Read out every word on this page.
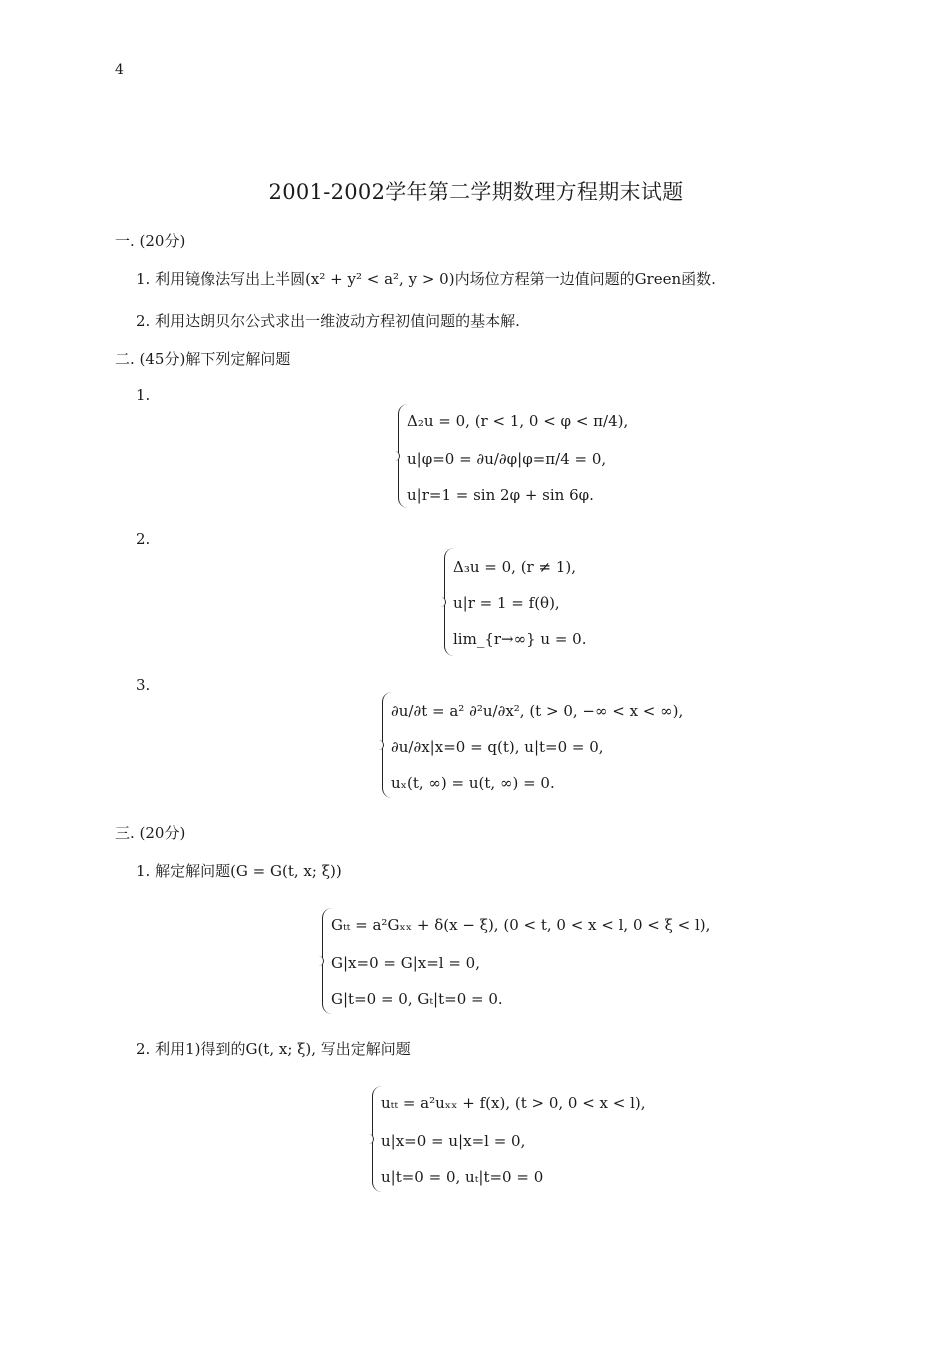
4
2001-2002学年第二学期数理方程期末试题
一. (20分)
1. 利用镜像法写出上半圆(x² + y² < a², y > 0)内场位方程第一边值问题的Green函数.
2. 利用达朗贝尔公式求出一维波动方程初值问题的基本解.
二. (45分)解下列定解问题
1.
Δ₂u = 0, (r < 1, 0 < φ < π/4),
u|φ=0 = ∂u/∂φ|φ=π/4 = 0,
u|r=1 = sin 2φ + sin 6φ.
2.
Δ₃u = 0, (r ≠ 1),
u|r = 1 = f(θ),
lim_{r→∞} u = 0.
3.
∂u/∂t = a² ∂²u/∂x², (t > 0, −∞ < x < ∞),
∂u/∂x|x=0 = q(t), u|t=0 = 0,
uₓ(t, ∞) = u(t, ∞) = 0.
三. (20分)
1. 解定解问题(G = G(t, x; ξ))
Gₜₜ = a²Gₓₓ + δ(x − ξ), (0 < t, 0 < x < l, 0 < ξ < l),
G|x=0 = G|x=l = 0,
G|t=0 = 0, Gₜ|t=0 = 0.
2. 利用1)得到的G(t, x; ξ), 写出定解问题
uₜₜ = a²uₓₓ + f(x), (t > 0, 0 < x < l),
u|x=0 = u|x=l = 0,
u|t=0 = 0, uₜ|t=0 = 0
